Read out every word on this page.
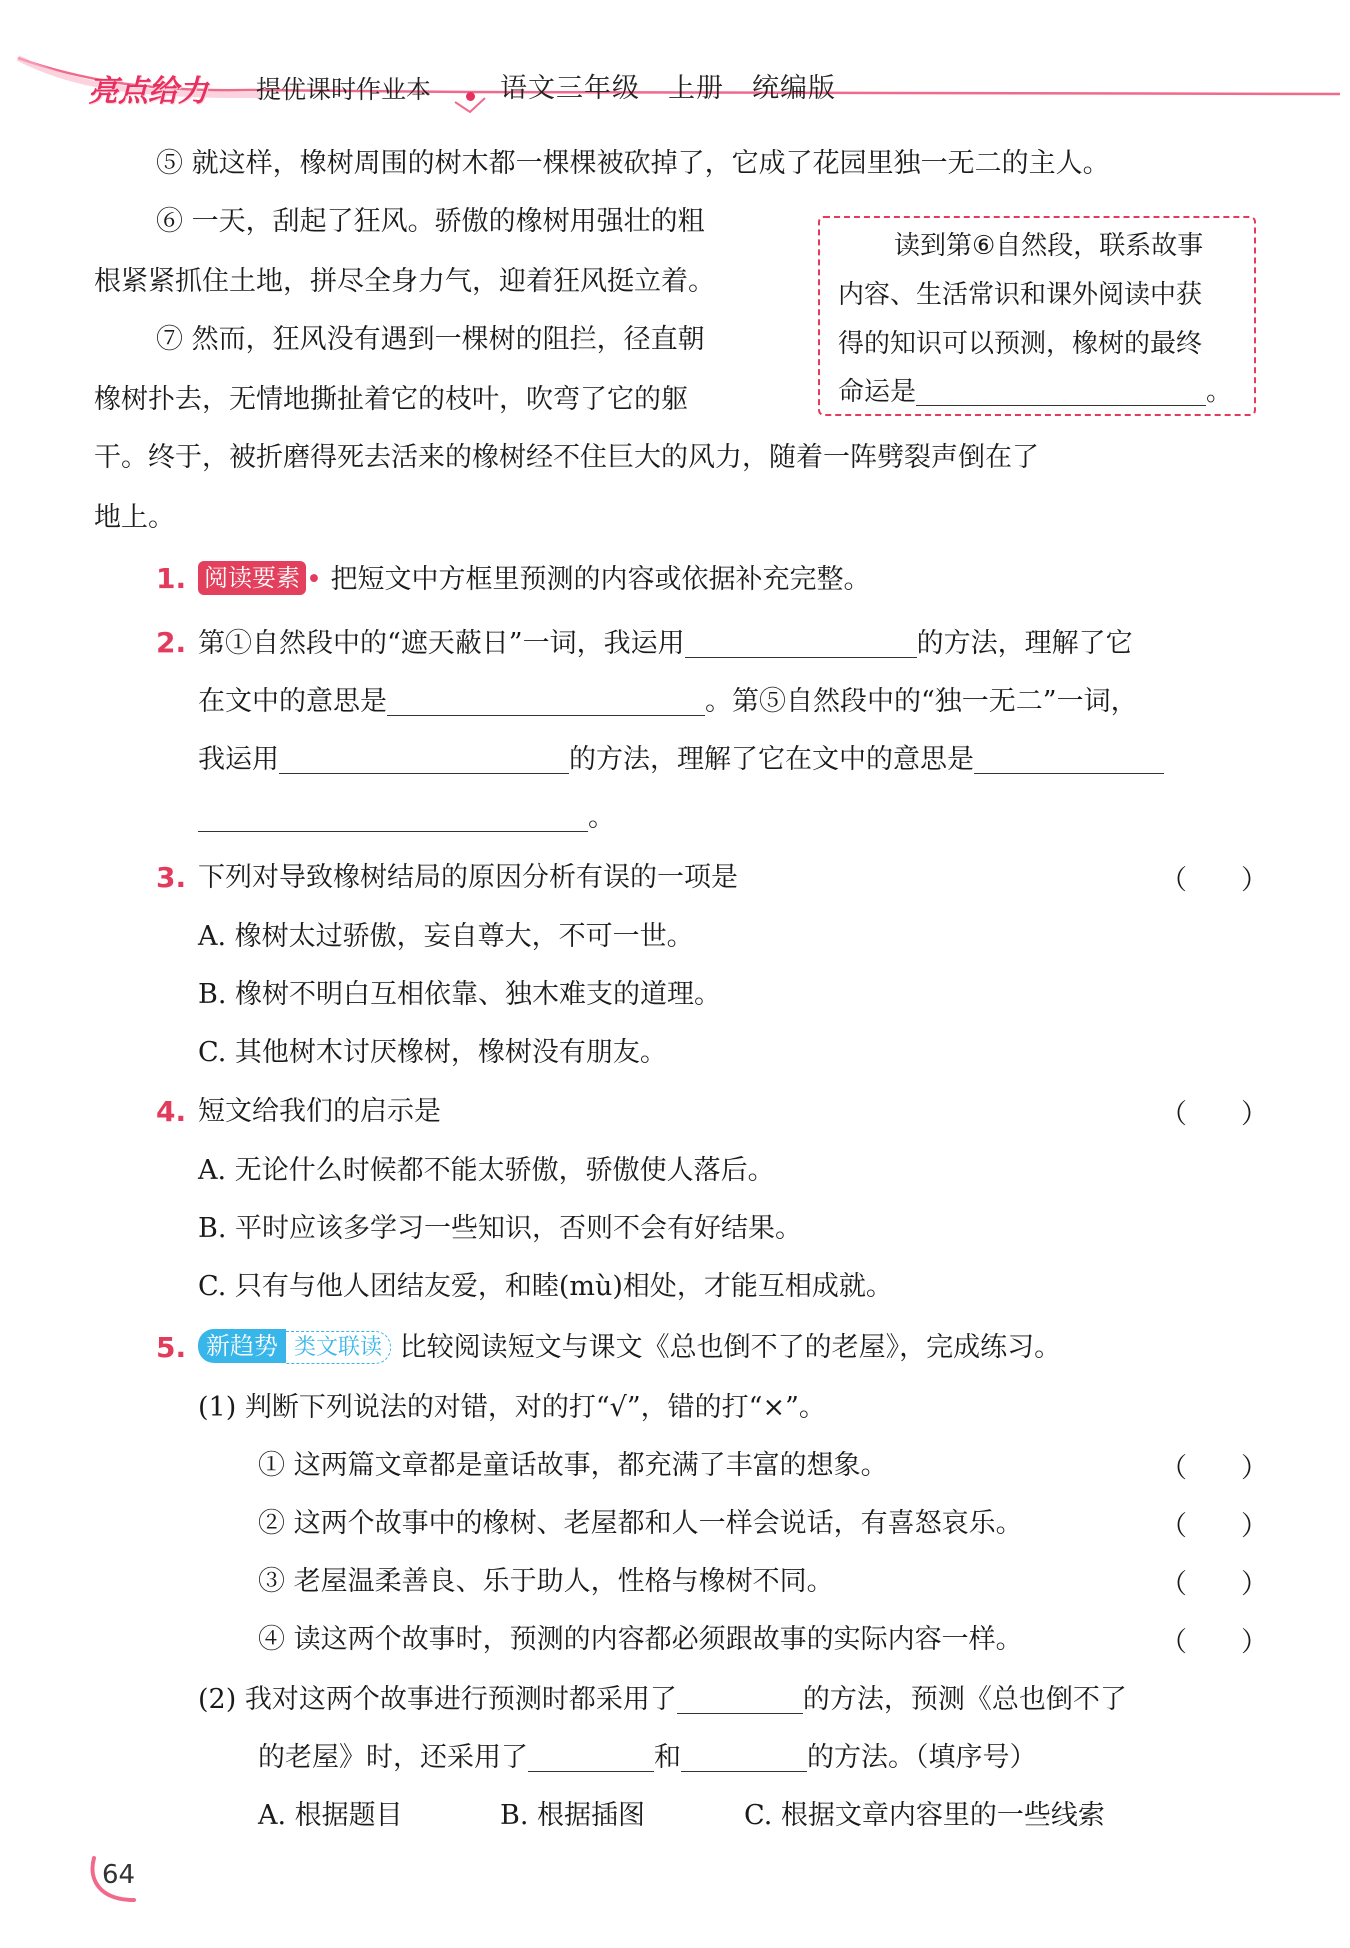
亮点给力 提优课时作业本	语文三年级　上册　统编版
⑤ 就这样，橡树周围的树木都一棵棵被砍掉了，它成了花园里独一无二的主人。
⑥ 一天，刮起了狂风。骄傲的橡树用强壮的粗
根紧紧抓住土地，拼尽全身力气，迎着狂风挺立着。
⑦ 然而，狂风没有遇到一棵树的阻拦，径直朝
橡树扑去，无情地撕扯着它的枝叶，吹弯了它的躯
干。终于，被折磨得死去活来的橡树经不住巨大的风力，随着一阵劈裂声倒在了
地上。
读到第⑥自然段，联系故事
内容、生活常识和课外阅读中获
得的知识可以预测，橡树的最终
命运是	。
1. 阅读要素 • 把短文中方框里预测的内容或依据补充完整。
2. 第①自然段中的“遮天蔽日”一词，我运用	的方法，理解了它
在文中的意思是	。第⑤自然段中的“独一无二”一词，
我运用	的方法，理解了它在文中的意思是
。
3. 下列对导致橡树结局的原因分析有误的一项是	（　　）
A. 橡树太过骄傲，妄自尊大，不可一世。
B. 橡树不明白互相依靠、独木难支的道理。
C. 其他树木讨厌橡树，橡树没有朋友。
4. 短文给我们的启示是	（　　）
A. 无论什么时候都不能太骄傲，骄傲使人落后。
B. 平时应该多学习一些知识，否则不会有好结果。
C. 只有与他人团结友爱，和睦(mù)相处，才能互相成就。
5. 新趋势 类文联读 比较阅读短文与课文《总也倒不了的老屋》，完成练习。
(1) 判断下列说法的对错，对的打“√”，错的打“×”。
① 这两篇文章都是童话故事，都充满了丰富的想象。	（　　）
② 这两个故事中的橡树、老屋都和人一样会说话，有喜怒哀乐。	（　　）
③ 老屋温柔善良、乐于助人，性格与橡树不同。	（　　）
④ 读这两个故事时，预测的内容都必须跟故事的实际内容一样。	（　　）
(2) 我对这两个故事进行预测时都采用了	的方法，预测《总也倒不了
的老屋》时，还采用了	和	的方法。（填序号）
A. 根据题目	B. 根据插图	C. 根据文章内容里的一些线索
64
